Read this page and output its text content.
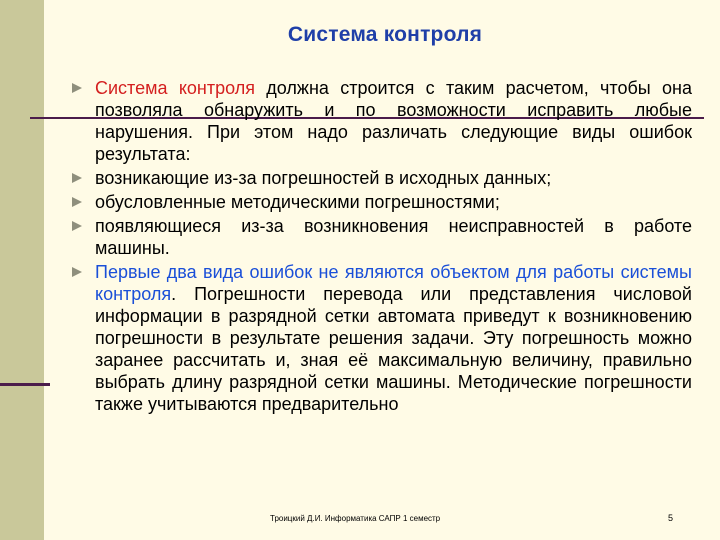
Система контроля
Система контроля должна строится с таким расчетом, чтобы она позволяла обнаружить и по возможности исправить любые нарушения. При этом надо различать следующие виды ошибок результата:
возникающие из-за погрешностей в исходных данных;
обусловленные методическими погрешностями;
появляющиеся из-за возникновения неисправностей в работе машины.
Первые два вида ошибок не являются объектом для работы системы контроля. Погрешности перевода или представления числовой информации в разрядной сетки автомата приведут к возникновению погрешности в результате решения задачи. Эту погрешность можно заранее рассчитать и, зная её максимальную величину, правильно выбрать длину разрядной сетки машины. Методические погрешности также учитываются предварительно
Троицкий Д.И. Информатика САПР 1 семестр	5
